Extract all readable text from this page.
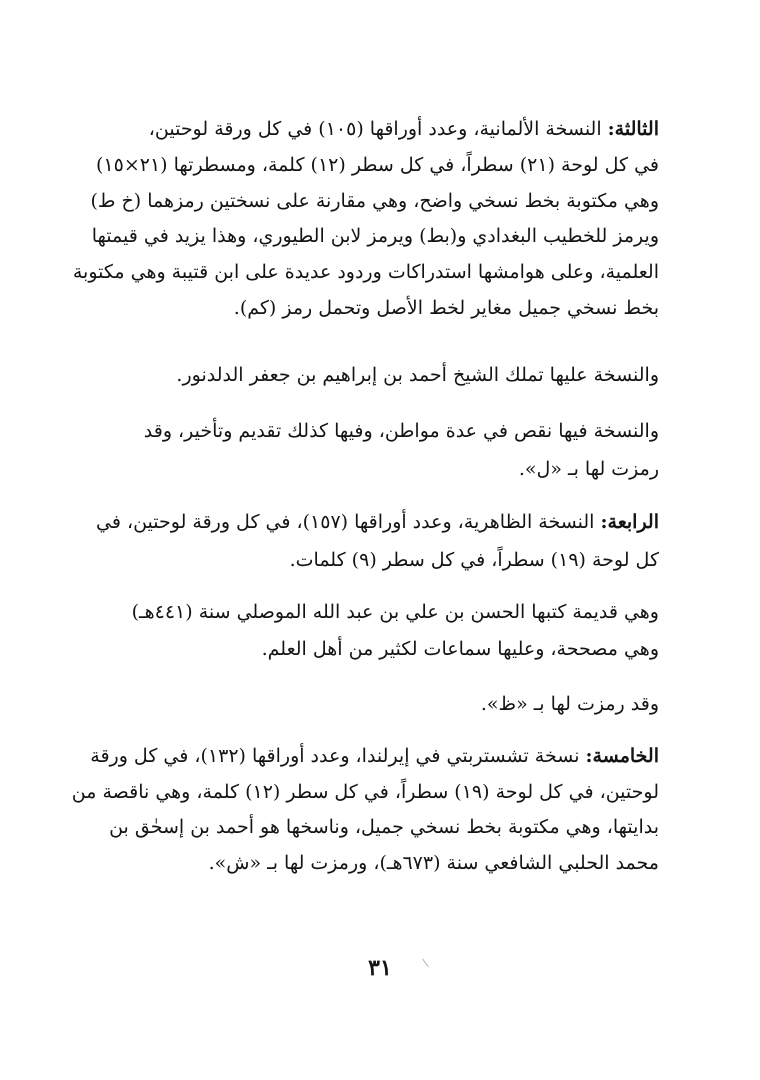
الثالثة: النسخة الألمانية، وعدد أوراقها (١٠٥) في كل ورقة لوحتين،
في كل لوحة (٢١) سطراً، في كل سطر (١٢) كلمة، ومسطرتها (٢١×١٥)
وهي مكتوبة بخط نسخي واضح، وهي مقارنة على نسختين رمزهما (خ ط)
ويرمز للخطيب البغدادي و(بط) ويرمز لابن الطيوري، وهذا يزيد في قيمتها
العلمية، وعلى هوامشها استدراكات وردود عديدة على ابن قتيبة وهي مكتوبة
بخط نسخي جميل مغاير لخط الأصل وتحمل رمز (كم).
والنسخة عليها تملك الشيخ أحمد بن إبراهيم بن جعفر الدلدنور.
والنسخة فيها نقص في عدة مواطن، وفيها كذلك تقديم وتأخير، وقد
رمزت لها بـ «ل».
الرابعة: النسخة الظاهرية، وعدد أوراقها (١٥٧)، في كل ورقة لوحتين، في
كل لوحة (١٩) سطراً، في كل سطر (٩) كلمات.
وهي قديمة كتبها الحسن بن علي بن عبد الله الموصلي سنة (٤٤١هـ)
وهي مصححة، وعليها سماعات لكثير من أهل العلم.
وقد رمزت لها بـ «ظ».
الخامسة: نسخة تشستربتي في إيرلندا، وعدد أوراقها (١٣٢)، في كل ورقة
لوحتين، في كل لوحة (١٩) سطراً، في كل سطر (١٢) كلمة، وهي ناقصة من
بدايتها، وهي مكتوبة بخط نسخي جميل، وناسخها هو أحمد بن إسحٰق بن
محمد الحلبي الشافعي سنة (٦٧٣هـ)، ورمزت لها بـ «ش».
٣١
